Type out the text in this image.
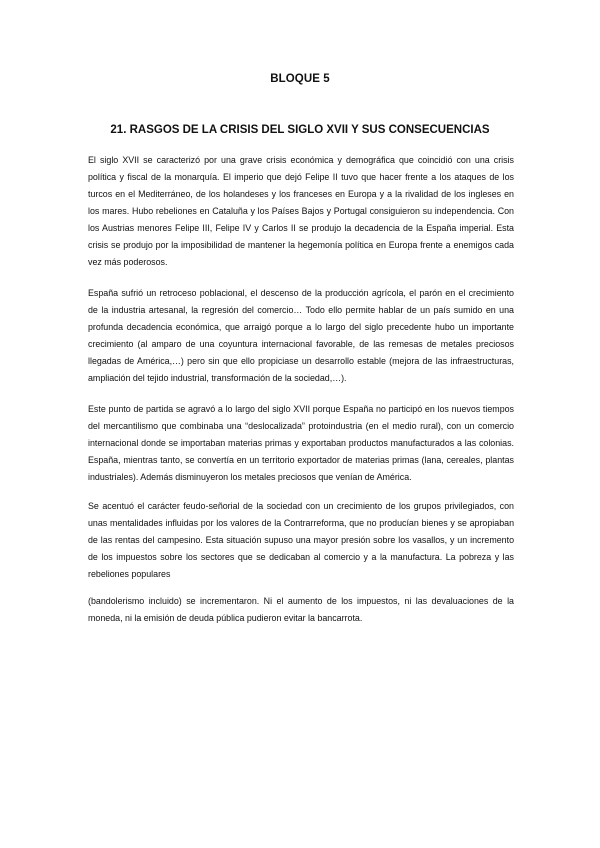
BLOQUE 5
21. RASGOS DE LA CRISIS DEL SIGLO XVII Y SUS CONSECUENCIAS

El siglo XVII se caracterizó por una grave crisis económica y demográfica que coincidió con una crisis política y fiscal de la monarquía. El imperio que dejó Felipe II tuvo que hacer frente a los ataques de los turcos en el Mediterráneo, de los holandeses y los franceses en Europa y a la rivalidad de los ingleses en los mares. Hubo rebeliones en Cataluña y los Países Bajos y Portugal consiguieron su independencia. Con los Austrias menores Felipe III, Felipe IV y Carlos II se produjo la decadencia de la España imperial. Esta crisis se produjo por la imposibilidad de mantener la hegemonía política en Europa frente a enemigos cada vez más poderosos.

España sufrió un retroceso poblacional, el descenso de la producción agrícola, el parón en el crecimiento de la industria artesanal, la regresión del comercio… Todo ello permite hablar de un país sumido en una profunda decadencia económica, que arraigó porque a lo largo del siglo precedente hubo un importante crecimiento (al amparo de una coyuntura internacional favorable, de las remesas de metales preciosos llegadas de América,…) pero sin que ello propiciase un desarrollo estable (mejora de las infraestructuras, ampliación del tejido industrial, transformación de la sociedad,…).

Este punto de partida se agravó a lo largo del siglo XVII porque España no participó en los nuevos tiempos del mercantilismo que combinaba una “deslocalizada” protoindustria (en el medio rural), con un comercio internacional donde se importaban materias primas y exportaban productos manufacturados a las colonias. España, mientras tanto, se convertía en un territorio exportador de materias primas (lana, cereales, plantas industriales). Además disminuyeron los metales preciosos que venían de América.

Se acentuó el carácter feudo-señorial de la sociedad con un crecimiento de los grupos privilegiados, con unas mentalidades influidas por los valores de la Contrarreforma, que no producían bienes y se apropiaban de las rentas del campesino. Esta situación supuso una mayor presión sobre los vasallos, y un incremento de los impuestos sobre los sectores que se dedicaban al comercio y a la manufactura. La pobreza y las rebeliones populares

(bandolerismo incluido) se incrementaron. Ni el aumento de los impuestos, ni las devaluaciones de la moneda, ni la emisión de deuda pública pudieron evitar la bancarrota.
